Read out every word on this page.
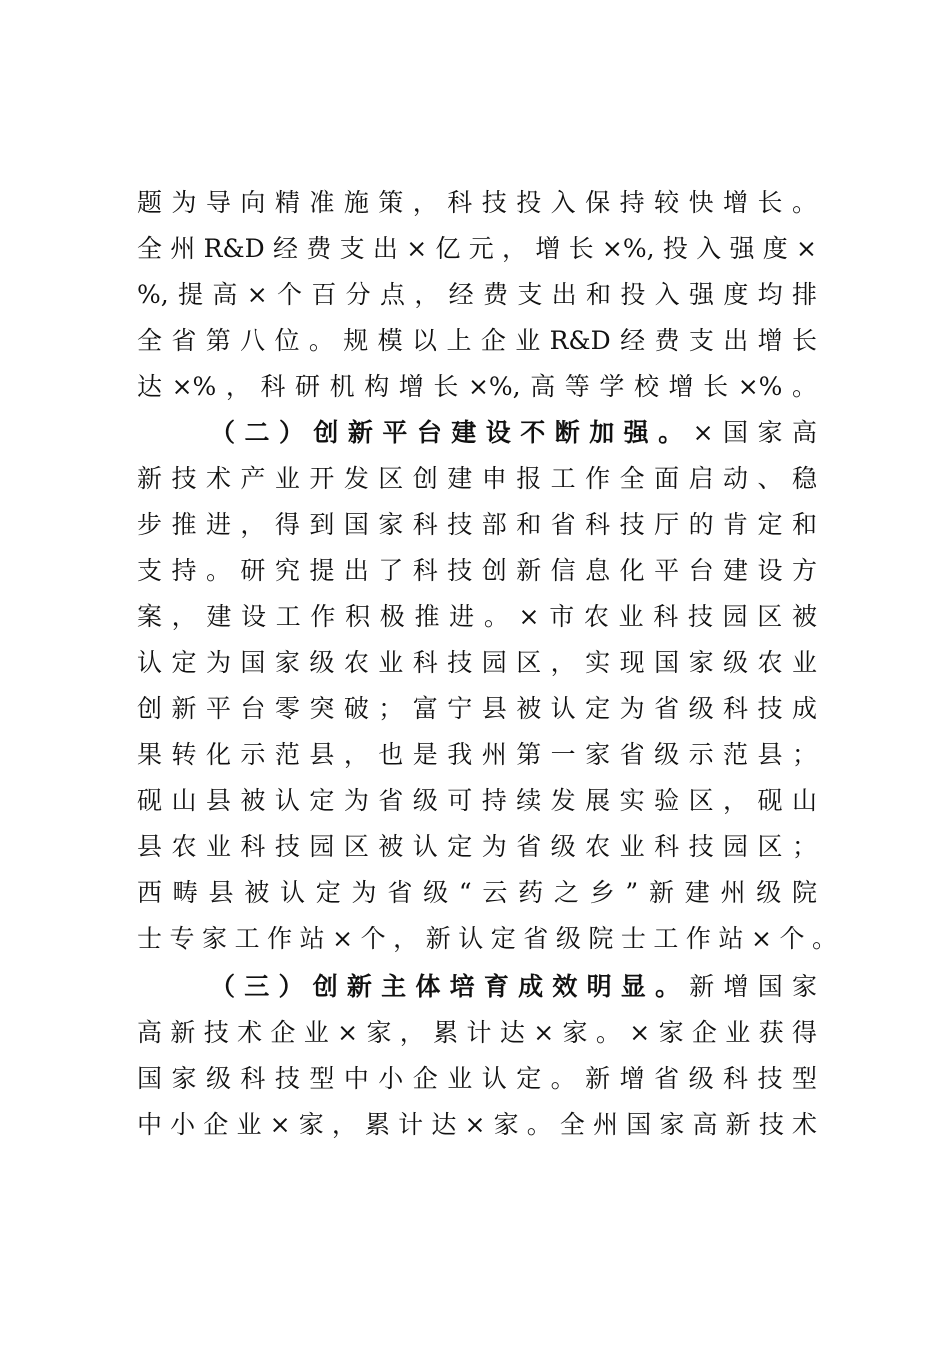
题为导向精准施策，科技投入保持较快增长。
全州R&D经费支出×亿元，增长×%,投入强度×
%,提高×个百分点，经费支出和投入强度均排
全省第八位。规模以上企业R&D经费支出增长
达×%，科研机构增长×%,高等学校增长×%。
（二）创新平台建设不断加强。×国家高
新技术产业开发区创建申报工作全面启动、稳
步推进，得到国家科技部和省科技厅的肯定和
支持。研究提出了科技创新信息化平台建设方
案，建设工作积极推进。×市农业科技园区被
认定为国家级农业科技园区，实现国家级农业
创新平台零突破；富宁县被认定为省级科技成
果转化示范县，也是我州第一家省级示范县；
砚山县被认定为省级可持续发展实验区，砚山
县农业科技园区被认定为省级农业科技园区；
西畴县被认定为省级“云药之乡”新建州级院
士专家工作站×个，新认定省级院士工作站×个。
（三）创新主体培育成效明显。新增国家
高新技术企业×家，累计达×家。×家企业获得
国家级科技型中小企业认定。新增省级科技型
中小企业×家，累计达×家。全州国家高新技术
